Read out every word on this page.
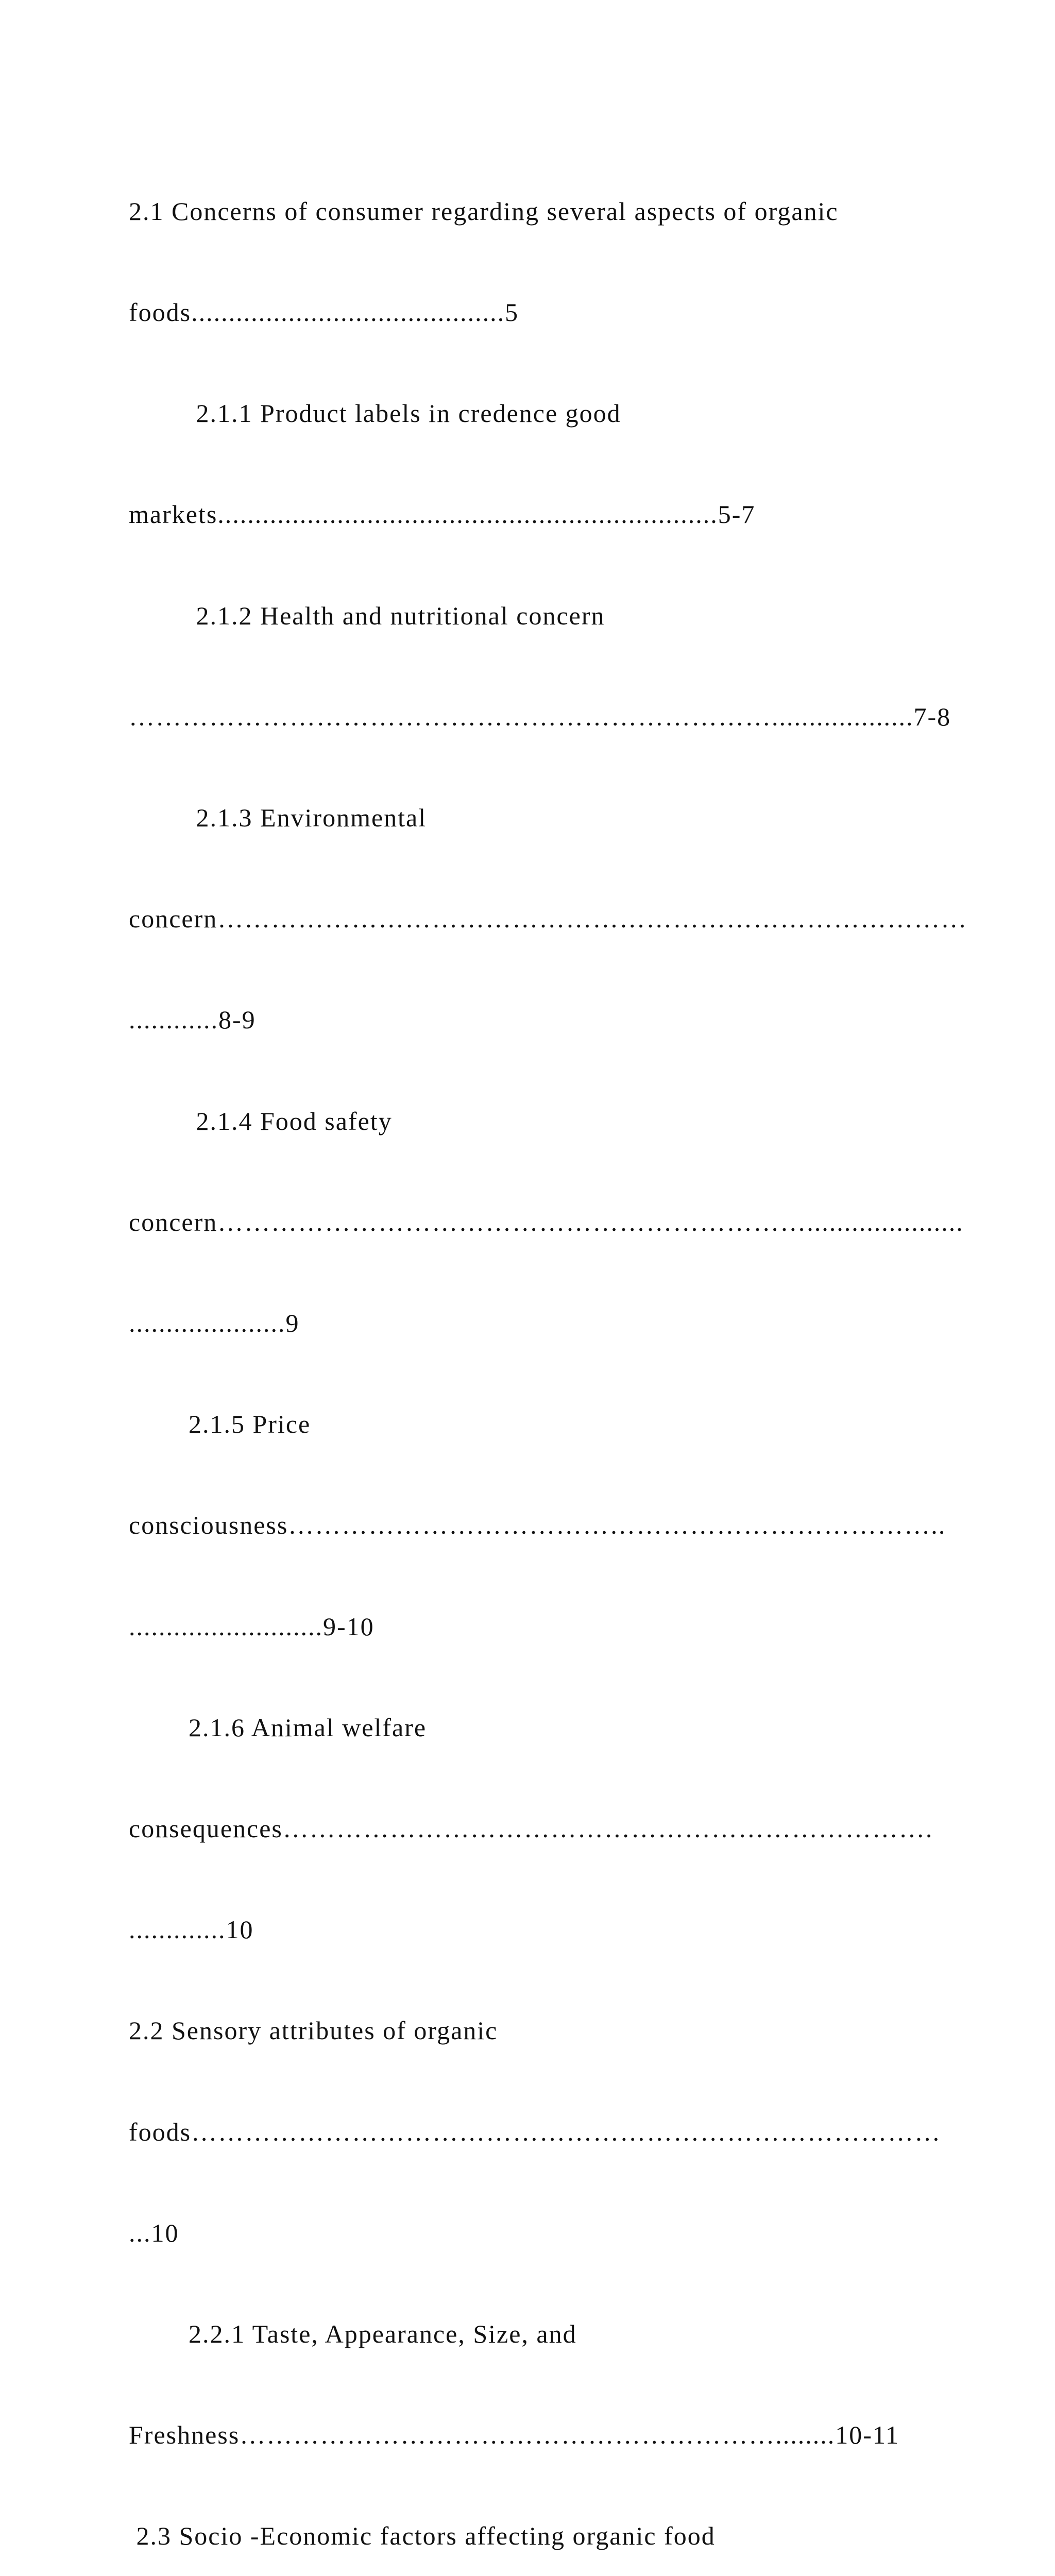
2.1 Concerns of consumer regarding several aspects of organic

foods..........................................5

2.1.1 Product labels in credence good

markets...................................................................5-7

2.1.2 Health and nutritional concern

………………………………………………………………...................7-8

2.1.3 Environmental

concern…………………………………………………………………………

............8-9

2.1.4 Food safety

concern………………………………………………………….....................

.....................9

2.1.5 Price

consciousness………………………………………………………………..

..........................9-10

2.1.6 Animal welfare

consequences……………………………………………………………….

.............10

2.2 Sensory attributes of organic

foods…………………………………………………………………………

...10

2.2.1 Taste, Appearance, Size, and

Freshness……………………………………………………........10-11

2.3 Socio -Economic factors affecting organic food
